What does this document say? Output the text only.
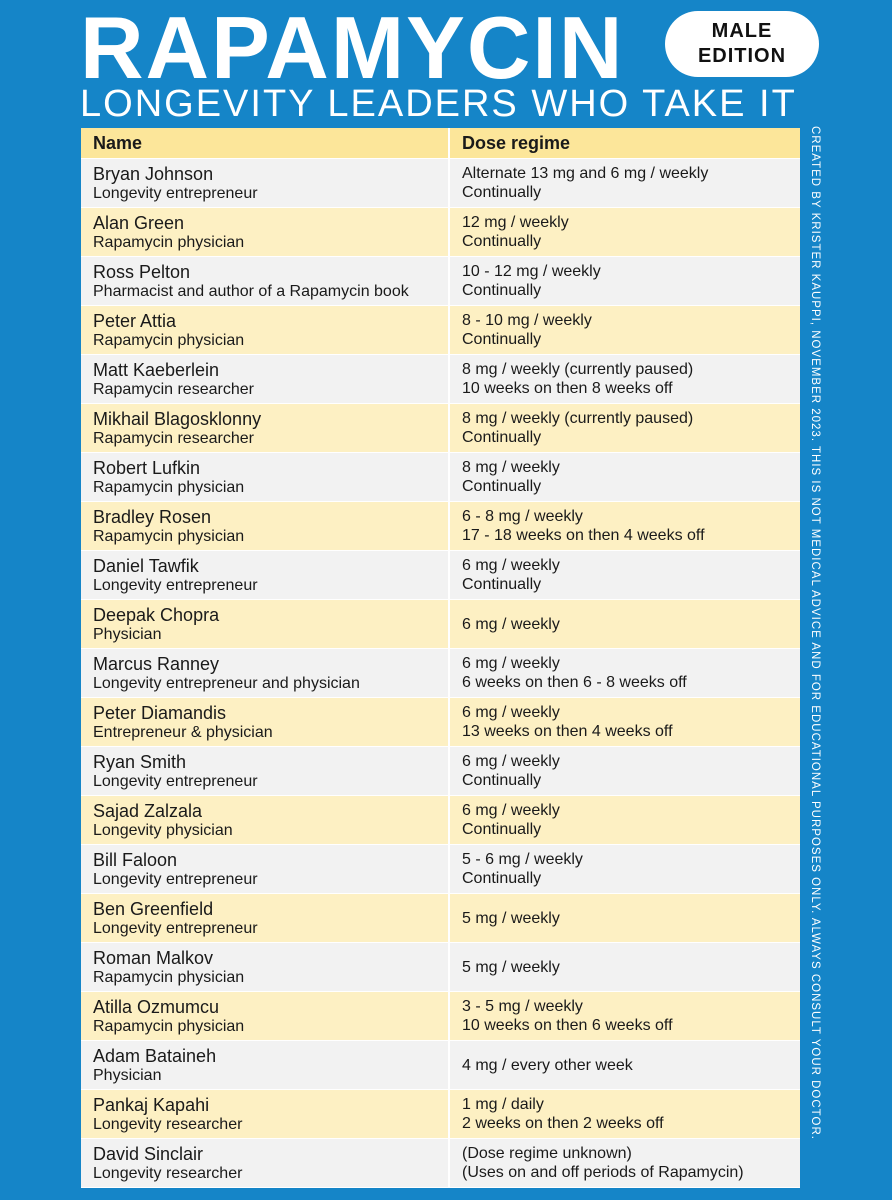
RAPAMYCIN	MALE
EDITION
LONGEVITY LEADERS WHO TAKE IT
CREATED BY KRISTER KAUPPI, NOVEMBER 2023. THIS IS NOT MEDICAL ADVICE AND FOR EDUCATIONAL PURPOSES ONLY. ALWAYS CONSULT YOUR DOCTOR.
Name	Dose regime
Bryan Johnson
Longevity entrepreneur
Alternate 13 mg and 6 mg / weekly
Continually
Alan Green
Rapamycin physician
12 mg / weekly
Continually
Ross Pelton
Pharmacist and author of a Rapamycin book
10 - 12 mg / weekly
Continually
Peter Attia
Rapamycin physician
8 - 10 mg / weekly
Continually
Matt Kaeberlein
Rapamycin researcher
8 mg / weekly (currently paused)
10 weeks on then 8 weeks off
Mikhail Blagosklonny
Rapamycin researcher
8 mg / weekly (currently paused)
Continually
Robert Lufkin
Rapamycin physician
8 mg / weekly
Continually
Bradley Rosen
Rapamycin physician
6 - 8 mg / weekly
17 - 18 weeks on then 4 weeks off
Daniel Tawfik
Longevity entrepreneur
6 mg / weekly
Continually
Deepak Chopra
Physician
6 mg / weekly
Marcus Ranney
Longevity entrepreneur and physician
6 mg / weekly
6 weeks on then 6 - 8 weeks off
Peter Diamandis
Entrepreneur & physician
6 mg / weekly
13 weeks on then 4 weeks off
Ryan Smith
Longevity entrepreneur
6 mg / weekly
Continually
Sajad Zalzala
Longevity physician
6 mg / weekly
Continually
Bill Faloon
Longevity entrepreneur
5 - 6 mg / weekly
Continually
Ben Greenfield
Longevity entrepreneur
5 mg / weekly
Roman Malkov
Rapamycin physician
5 mg / weekly
Atilla Ozmumcu
Rapamycin physician
3 - 5 mg / weekly
10 weeks on then 6 weeks off
Adam Bataineh
Physician
4 mg / every other week
Pankaj Kapahi
Longevity researcher
1 mg / daily
2 weeks on then 2 weeks off
David Sinclair
Longevity researcher
(Dose regime unknown)
(Uses on and off periods of Rapamycin)
